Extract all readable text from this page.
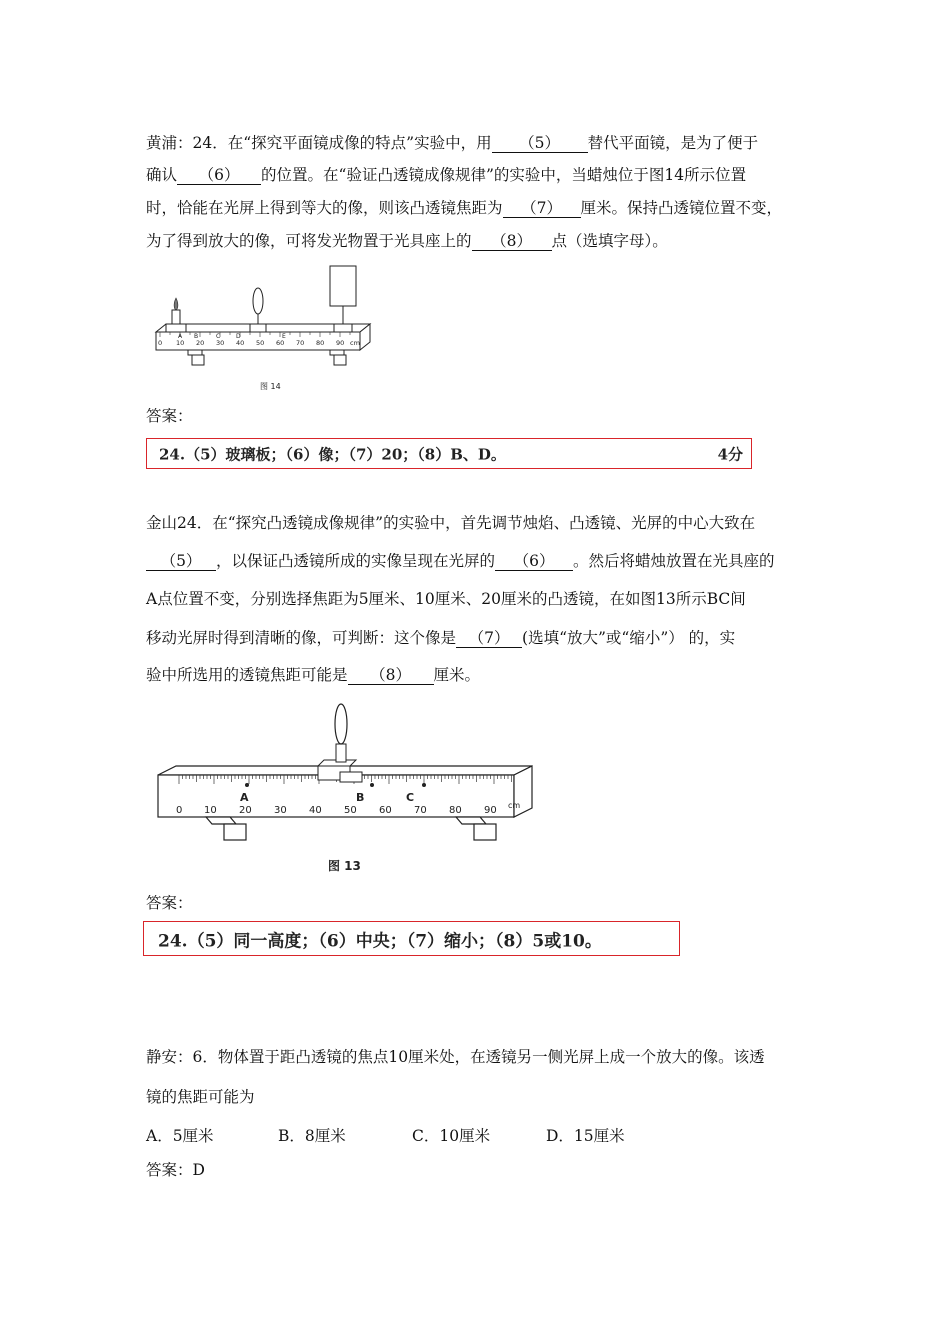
黄浦：24．在“探究平面镜成像的特点”实验中，用 （5） 替代平面镜，是为了便于
确认 （6） 的位置。在“验证凸透镜成像规律”的实验中，当蜡烛位于图14所示位置
时，恰能在光屏上得到等大的像，则该凸透镜焦距为 （7） 厘米。保持凸透镜位置不变，
为了得到放大的像，可将发光物置于光具座上的 （8） 点（选填字母）。
0 10 20 30 40 50 60 70 80 90 cm
A B	C	D	E
图 14
答案：
24.（5）玻璃板；（6）像；（7）20；（8）B、D。	4分
金山24．在“探究凸透镜成像规律”的实验中，首先调节烛焰、凸透镜、光屏的中心大致在
（5） ，以保证凸透镜所成的实像呈现在光屏的 （6） 。然后将蜡烛放置在光具座的
A点位置不变，分别选择焦距为5厘米、10厘米、20厘米的凸透镜，在如图13所示BC间
移动光屏时得到清晰的像，可判断：这个像是 （7） (选填“放大”或“缩小”） 的，实
验中所选用的透镜焦距可能是 （8） 厘米。
0 10 20 30 40 50 60 70 80 90 cm
A	B	C
图 13
答案：
24.（5）同一高度；（6）中央；（7）缩小；（8）5或10。
静安：6．物体置于距凸透镜的焦点10厘米处，在透镜另一侧光屏上成一个放大的像。该透
镜的焦距可能为
A．5厘米	B．8厘米	C．10厘米	D．15厘米
答案：D
